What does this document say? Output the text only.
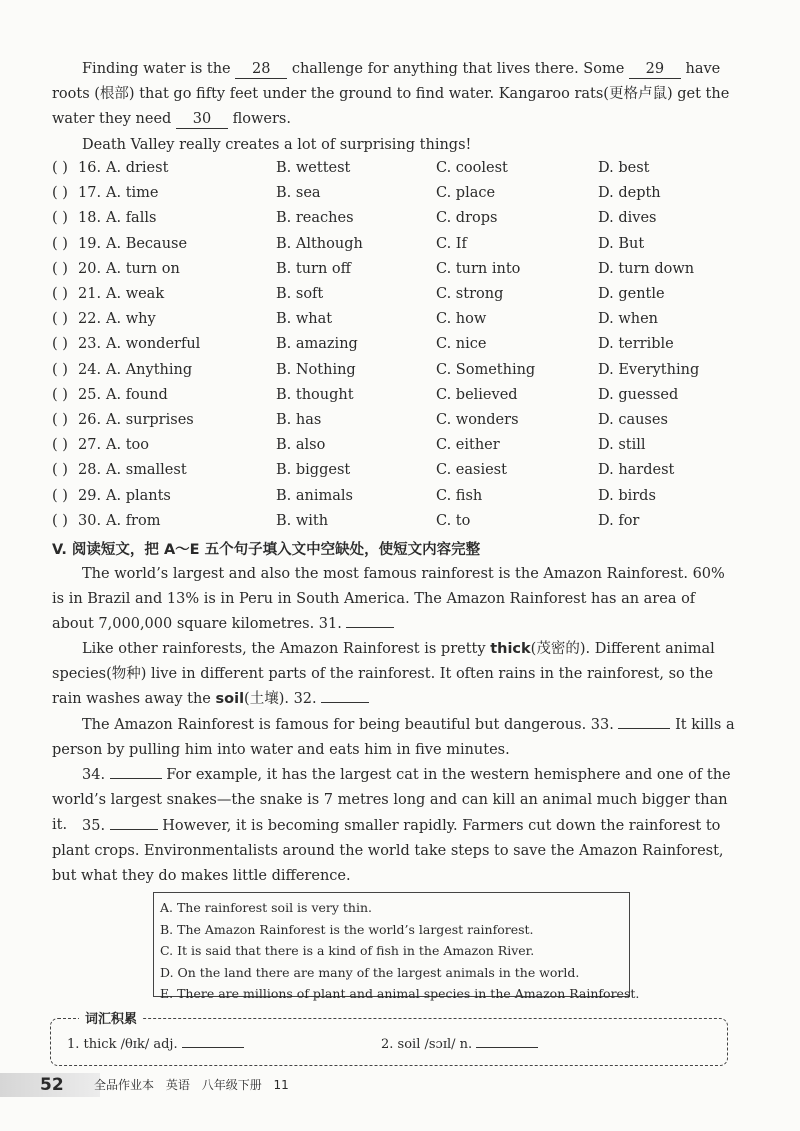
Finding water is the 28 challenge for anything that lives there. Some 29 have roots (根部) that go fifty feet under the ground to find water. Kangaroo rats(更格卢鼠) get the water they need 30 flowers.

Death Valley really creates a lot of surprising things!

( ) 16. A. driest	B. wettest	C. coolest	D. best
( ) 17. A. time	B. sea	C. place	D. depth
( ) 18. A. falls	B. reaches	C. drops	D. dives
( ) 19. A. Because	B. Although	C. If	D. But
( ) 20. A. turn on	B. turn off	C. turn into	D. turn down
( ) 21. A. weak	B. soft	C. strong	D. gentle
( ) 22. A. why	B. what	C. how	D. when
( ) 23. A. wonderful	B. amazing	C. nice	D. terrible
( ) 24. A. Anything	B. Nothing	C. Something	D. Everything
( ) 25. A. found	B. thought	C. believed	D. guessed
( ) 26. A. surprises	B. has	C. wonders	D. causes
( ) 27. A. too	B. also	C. either	D. still
( ) 28. A. smallest	B. biggest	C. easiest	D. hardest
( ) 29. A. plants	B. animals	C. fish	D. birds
( ) 30. A. from	B. with	C. to	D. for
V. 阅读短文，把 A～E 五个句子填入文中空缺处，使短文内容完整

The world’s largest and also the most famous rainforest is the Amazon Rainforest. 60% is in Brazil and 13% is in Peru in South America. The Amazon Rainforest has an area of about 7,000,000 square kilometres. 31.

Like other rainforests, the Amazon Rainforest is pretty thick(茂密的). Different animal species(物种) live in different parts of the rainforest. It often rains in the rainforest, so the rain washes away the soil(土壤). 32.

The Amazon Rainforest is famous for being beautiful but dangerous. 33.	It kills a person by pulling him into water and eats him in five minutes.

34.	For example, it has the largest cat in the western hemisphere and one of the world’s largest snakes—the snake is 7 metres long and can kill an animal much bigger than it.	35.	However, it is becoming smaller rapidly. Farmers cut down the rainforest to plant crops. Environmentalists around the world take steps to save the Amazon Rainforest, but what they do makes little difference.

A. The rainforest soil is very thin.
B. The Amazon Rainforest is the world’s largest rainforest.
C. It is said that there is a kind of fish in the Amazon River.
D. On the land there are many of the largest animals in the world.
E. There are millions of plant and animal species in the Amazon Rainforest.
词汇积累
1. thick /θɪk/ adj.	2. soil /sɔɪl/ n.
52	全品作业本 英语 八年级下册 11
